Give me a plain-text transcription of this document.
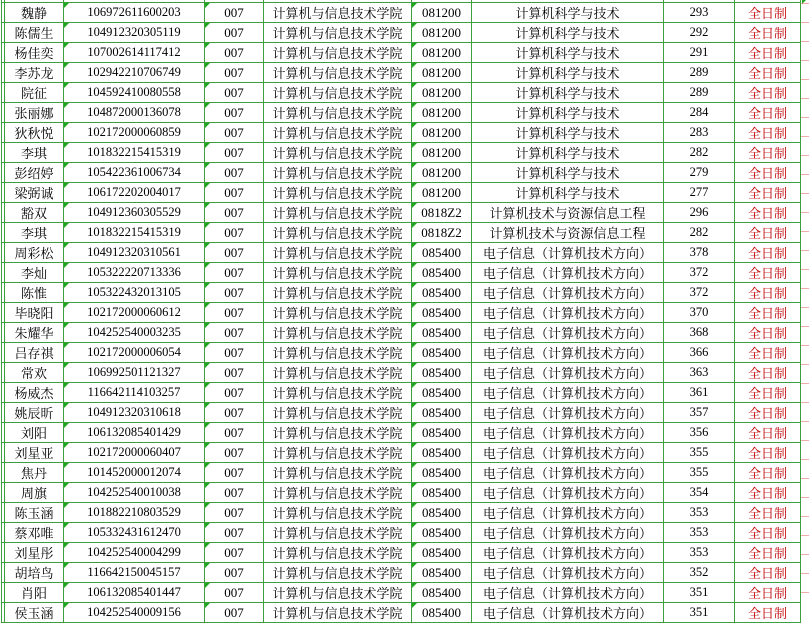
	魏静	106972611600203	007	计算机与信息技术学院	081200	计算机科学与技术	293	全日制
	陈儒生	104912320305119	007	计算机与信息技术学院	081200	计算机科学与技术	292	全日制
	杨佳奕	107002614117412	007	计算机与信息技术学院	081200	计算机科学与技术	291	全日制
	李苏龙	102942210706749	007	计算机与信息技术学院	081200	计算机科学与技术	289	全日制
	院征	104592410080558	007	计算机与信息技术学院	081200	计算机科学与技术	289	全日制
	张丽娜	104872000136078	007	计算机与信息技术学院	081200	计算机科学与技术	284	全日制
	狄秋悦	102172000060859	007	计算机与信息技术学院	081200	计算机科学与技术	283	全日制
	李琪	101832215415319	007	计算机与信息技术学院	081200	计算机科学与技术	282	全日制
	彭绍婷	105422361006734	007	计算机与信息技术学院	081200	计算机科学与技术	279	全日制
	梁弼诚	106172202004017	007	计算机与信息技术学院	081200	计算机科学与技术	277	全日制
	豁双	104912360305529	007	计算机与信息技术学院	0818Z2	计算机技术与资源信息工程	296	全日制
	李琪	101832215415319	007	计算机与信息技术学院	0818Z2	计算机技术与资源信息工程	282	全日制
	周彩松	104912320310561	007	计算机与信息技术学院	085400	电子信息（计算机技术方向）	378	全日制
	李灿	105322220713336	007	计算机与信息技术学院	085400	电子信息（计算机技术方向）	372	全日制
	陈惟	105322432013105	007	计算机与信息技术学院	085400	电子信息（计算机技术方向）	372	全日制
	毕晓阳	102172000060612	007	计算机与信息技术学院	085400	电子信息（计算机技术方向）	370	全日制
	朱耀华	104252540003235	007	计算机与信息技术学院	085400	电子信息（计算机技术方向）	368	全日制
	吕存祺	102172000006054	007	计算机与信息技术学院	085400	电子信息（计算机技术方向）	366	全日制
	常欢	106992501121327	007	计算机与信息技术学院	085400	电子信息（计算机技术方向）	363	全日制
	杨威杰	116642114103257	007	计算机与信息技术学院	085400	电子信息（计算机技术方向）	361	全日制
	姚辰昕	104912320310618	007	计算机与信息技术学院	085400	电子信息（计算机技术方向）	357	全日制
	刘阳	106132085401429	007	计算机与信息技术学院	085400	电子信息（计算机技术方向）	356	全日制
	刘星亚	102172000060407	007	计算机与信息技术学院	085400	电子信息（计算机技术方向）	355	全日制
	焦丹	101452000012074	007	计算机与信息技术学院	085400	电子信息（计算机技术方向）	355	全日制
	周旗	104252540010038	007	计算机与信息技术学院	085400	电子信息（计算机技术方向）	354	全日制
	陈玉涵	101882210803529	007	计算机与信息技术学院	085400	电子信息（计算机技术方向）	353	全日制
	蔡邓唯	105332431612470	007	计算机与信息技术学院	085400	电子信息（计算机技术方向）	353	全日制
	刘星彤	104252540004299	007	计算机与信息技术学院	085400	电子信息（计算机技术方向）	353	全日制
	胡培鸟	116642150045157	007	计算机与信息技术学院	085400	电子信息（计算机技术方向）	352	全日制
	肖阳	106132085401447	007	计算机与信息技术学院	085400	电子信息（计算机技术方向）	351	全日制
	侯玉涵	104252540009156	007	计算机与信息技术学院	085400	电子信息（计算机技术方向）	351	全日制
